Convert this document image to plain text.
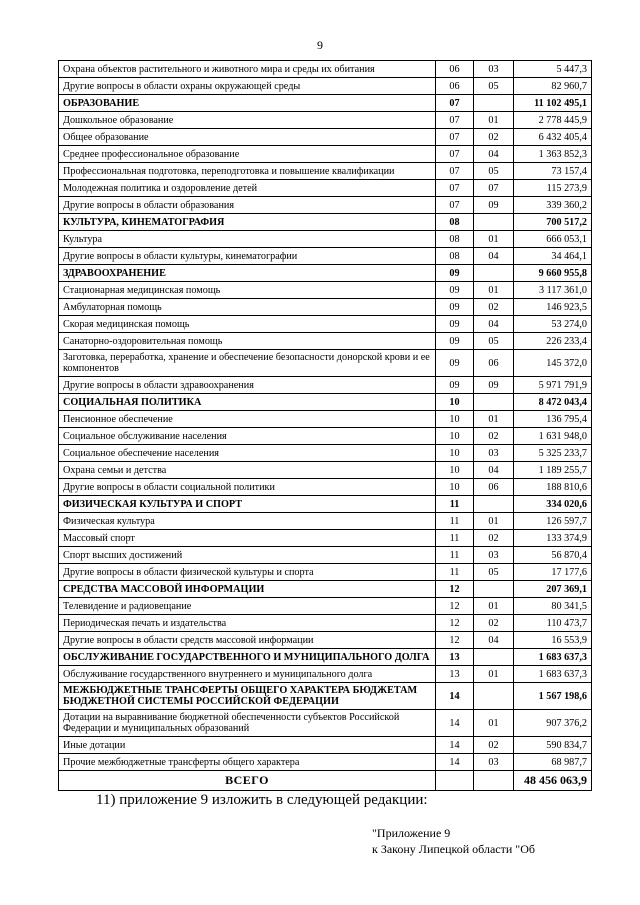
9
Охрана объектов растительного и животного мира и среды их обитания	06	03	5 447,3
Другие вопросы в области охраны окружающей среды	06	05	82 960,7
ОБРАЗОВАНИЕ	07		11 102 495,1
Дошкольное образование	07	01	2 778 445,9
Общее образование	07	02	6 432 405,4
Среднее профессиональное образование	07	04	1 363 852,3
Профессиональная подготовка, переподготовка и повышение квалификации	07	05	73 157,4
Молодежная политика и оздоровление детей	07	07	115 273,9
Другие вопросы в области образования	07	09	339 360,2
КУЛЬТУРА, КИНЕМАТОГРАФИЯ	08		700 517,2
Культура	08	01	666 053,1
Другие вопросы в области культуры, кинематографии	08	04	34 464,1
ЗДРАВООХРАНЕНИЕ	09		9 660 955,8
Стационарная медицинская помощь	09	01	3 117 361,0
Амбулаторная помощь	09	02	146 923,5
Скорая медицинская помощь	09	04	53 274,0
Санаторно-оздоровительная помощь	09	05	226 233,4
Заготовка, переработка, хранение и обеспечение безопасности донорской крови и ее компонентов	09	06	145 372,0
Другие вопросы в области здравоохранения	09	09	5 971 791,9
СОЦИАЛЬНАЯ ПОЛИТИКА	10		8 472 043,4
Пенсионное обеспечение	10	01	136 795,4
Социальное обслуживание населения	10	02	1 631 948,0
Социальное обеспечение населения	10	03	5 325 233,7
Охрана семьи и детства	10	04	1 189 255,7
Другие вопросы в области социальной политики	10	06	188 810,6
ФИЗИЧЕСКАЯ КУЛЬТУРА И СПОРТ	11		334 020,6
Физическая культура	11	01	126 597,7
Массовый спорт	11	02	133 374,9
Спорт высших достижений	11	03	56 870,4
Другие вопросы в области физической культуры и спорта	11	05	17 177,6
СРЕДСТВА МАССОВОЙ ИНФОРМАЦИИ	12		207 369,1
Телевидение и радиовещание	12	01	80 341,5
Периодическая печать и издательства	12	02	110 473,7
Другие вопросы в области средств массовой информации	12	04	16 553,9
ОБСЛУЖИВАНИЕ ГОСУДАРСТВЕННОГО И МУНИЦИПАЛЬНОГО ДОЛГА	13		1 683 637,3
Обслуживание государственного внутреннего и муниципального долга	13	01	1 683 637,3
МЕЖБЮДЖЕТНЫЕ ТРАНСФЕРТЫ ОБЩЕГО ХАРАКТЕРА БЮДЖЕТАМ БЮДЖЕТНОЙ СИСТЕМЫ РОССИЙСКОЙ ФЕДЕРАЦИИ	14		1 567 198,6
Дотации на выравнивание бюджетной обеспеченности субъектов Российской Федерации и муниципальных образований	14	01	907 376,2
Иные дотации	14	02	590 834,7
Прочие межбюджетные трансферты общего характера	14	03	68 987,7
ВСЕГО			48 456 063,9
11) приложение 9 изложить в следующей редакции:
"Приложение 9
к Закону Липецкой области "Об
